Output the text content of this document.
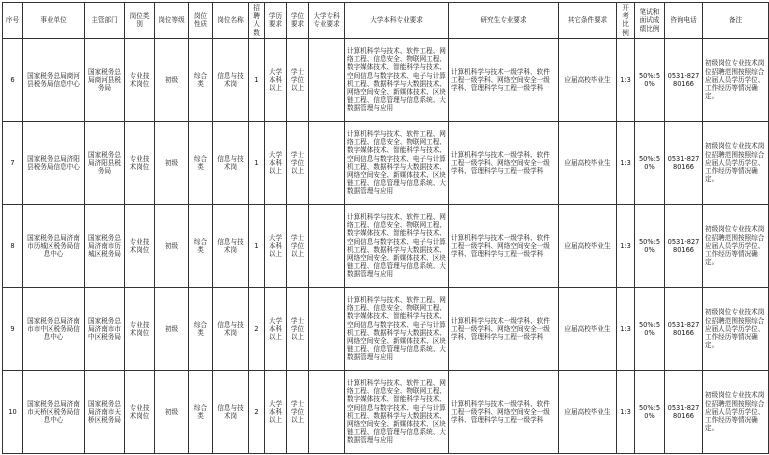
序号	事业单位	主管部门	岗位类别	岗位等级	岗位性质	岗位名称	招聘人数	学历要求	学位要求	大学专科专业要求	大学本科专业要求	研究生专业要求	其它条件要求	开考比例	笔试和面试成绩比例	咨询电话	备注
6	国家税务总局商河县税务局信息中心	国家税务总局商河县税务局	专业技术岗位	初级	综合类	信息与技术岗	1	大学本科以上	学士学位以上		计算机科学与技术、软件工程、网络工程、信息安全、物联网工程、数字媒体技术、智能科学与技术、空间信息与数字技术、电子与计算机工程、数据科学与大数据技术、网络空间安全、新媒体技术、区块链工程、信息管理与信息系统、大数据管理与应用	计算机科学与技术一级学科、软件工程一级学科、网络空间安全一级学科、管理科学与工程一级学科	应届高校毕业生	1:3	50%:50%	0531-82780166	初级岗位专业技术岗位招聘范围按照综合应届人员学历学位、工作经历等情况确定。
7	国家税务总局济阳县税务局信息中心	国家税务总局济阳县税务局	专业技术岗位	初级	综合类	信息与技术岗	1	大学本科以上	学士学位以上		计算机科学与技术、软件工程、网络工程、信息安全、物联网工程、数字媒体技术、智能科学与技术、空间信息与数字技术、电子与计算机工程、数据科学与大数据技术、网络空间安全、新媒体技术、区块链工程、信息管理与信息系统、大数据管理与应用	计算机科学与技术一级学科、软件工程一级学科、网络空间安全一级学科、管理科学与工程一级学科	应届高校毕业生	1:3	50%:50%	0531-82780166	初级岗位专业技术岗位招聘范围按照综合应届人员学历学位、工作经历等情况确定。
8	国家税务总局济南市历城区税务局信息中心	国家税务总局济南市历城区税务局	专业技术岗位	初级	综合类	信息与技术岗	1	大学本科以上	学士学位以上		计算机科学与技术、软件工程、网络工程、信息安全、物联网工程、数字媒体技术、智能科学与技术、空间信息与数字技术、电子与计算机工程、数据科学与大数据技术、网络空间安全、新媒体技术、区块链工程、信息管理与信息系统、大数据管理与应用	计算机科学与技术一级学科、软件工程一级学科、网络空间安全一级学科、管理科学与工程一级学科	应届高校毕业生	1:3	50%:50%	0531-82780166	初级岗位专业技术岗位招聘范围按照综合应届人员学历学位、工作经历等情况确定。
9	国家税务总局济南市市中区税务局信息中心	国家税务总局济南市市中区税务局	专业技术岗位	初级	综合类	信息与技术岗	2	大学本科以上	学士学位以上		计算机科学与技术、软件工程、网络工程、信息安全、物联网工程、数字媒体技术、智能科学与技术、空间信息与数字技术、电子与计算机工程、数据科学与大数据技术、网络空间安全、新媒体技术、区块链工程、信息管理与信息系统、大数据管理与应用	计算机科学与技术一级学科、软件工程一级学科、网络空间安全一级学科、管理科学与工程一级学科	应届高校毕业生	1:3	50%:50%	0531-82780166	初级岗位专业技术岗位招聘范围按照综合应届人员学历学位、工作经历等情况确定。
10	国家税务总局济南市天桥区税务局信息中心	国家税务总局济南市天桥区税务局	专业技术岗位	初级	综合类	信息与技术岗	2	大学本科以上	学士学位以上		计算机科学与技术、软件工程、网络工程、信息安全、物联网工程、数字媒体技术、智能科学与技术、空间信息与数字技术、电子与计算机工程、数据科学与大数据技术、网络空间安全、新媒体技术、区块链工程、信息管理与信息系统、大数据管理与应用	计算机科学与技术一级学科、软件工程一级学科、网络空间安全一级学科、管理科学与工程一级学科	应届高校毕业生	1:3	50%:50%	0531-82780166	初级岗位专业技术岗位招聘范围按照综合应届人员学历学位、工作经历等情况确定。
